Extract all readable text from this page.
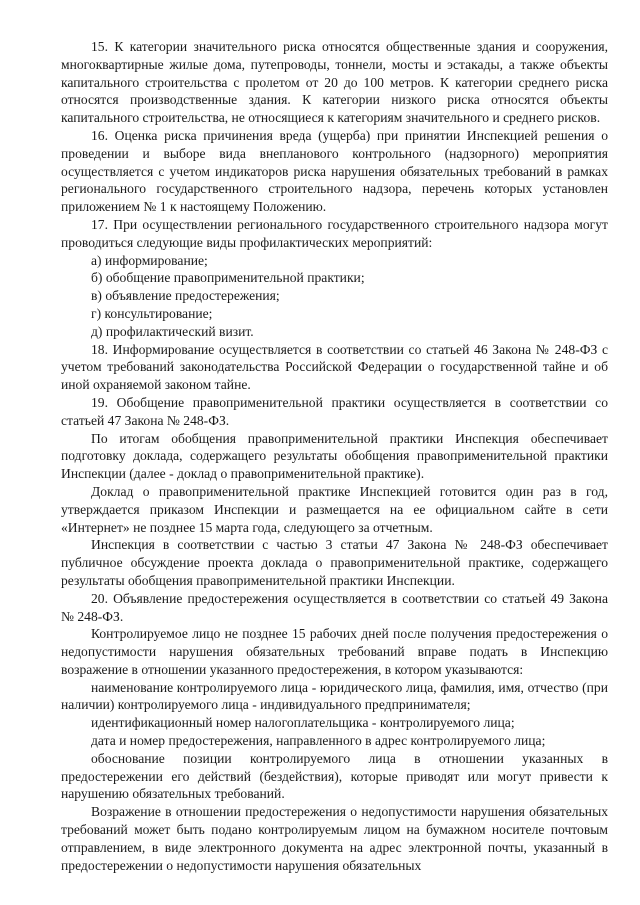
15. К категории значительного риска относятся общественные здания и сооружения, многоквартирные жилые дома, путепроводы, тоннели, мосты и эстакады, а также объекты капитального строительства с пролетом от 20 до 100 метров. К категории среднего риска относятся производственные здания. К категории низкого риска относятся объекты капитального строительства, не относящиеся к категориям значительного и среднего рисков.

16. Оценка риска причинения вреда (ущерба) при принятии Инспекцией решения о проведении и выборе вида внепланового контрольного (надзорного) мероприятия осуществляется с учетом индикаторов риска нарушения обязательных требований в рамках регионального государственного строительного надзора, перечень которых установлен приложением № 1 к настоящему Положению.

17. При осуществлении регионального государственного строительного надзора могут проводиться следующие виды профилактических мероприятий:

а) информирование;

б) обобщение правоприменительной практики;

в) объявление предостережения;

г) консультирование;

д) профилактический визит.

18. Информирование осуществляется в соответствии со статьей 46 Закона № 248-ФЗ с учетом требований законодательства Российской Федерации о государственной тайне и об иной охраняемой законом тайне.

19. Обобщение правоприменительной практики осуществляется в соответствии со статьей 47 Закона № 248-ФЗ.

По итогам обобщения правоприменительной практики Инспекция обеспечивает подготовку доклада, содержащего результаты обобщения правоприменительной практики Инспекции (далее - доклад о правоприменительной практике).

Доклад о правоприменительной практике Инспекцией готовится один раз в год, утверждается приказом Инспекции и размещается на ее официальном сайте в сети «Интернет» не позднее 15 марта года, следующего за отчетным.

Инспекция в соответствии с частью 3 статьи 47 Закона № 248-ФЗ обеспечивает публичное обсуждение проекта доклада о правоприменительной практике, содержащего результаты обобщения правоприменительной практики Инспекции.

20. Объявление предостережения осуществляется в соответствии со статьей 49 Закона № 248-ФЗ.

Контролируемое лицо не позднее 15 рабочих дней после получения предостережения о недопустимости нарушения обязательных требований вправе подать в Инспекцию возражение в отношении указанного предостережения, в котором указываются:

наименование контролируемого лица - юридического лица, фамилия, имя, отчество (при наличии) контролируемого лица - индивидуального предпринимателя;

идентификационный номер налогоплательщика - контролируемого лица;

дата и номер предостережения, направленного в адрес контролируемого лица;

обоснование позиции контролируемого лица в отношении указанных в предостережении его действий (бездействия), которые приводят или могут привести к нарушению обязательных требований.

Возражение в отношении предостережения о недопустимости нарушения обязательных требований может быть подано контролируемым лицом на бумажном носителе почтовым отправлением, в виде электронного документа на адрес электронной почты, указанный в предостережении о недопустимости нарушения обязательных
